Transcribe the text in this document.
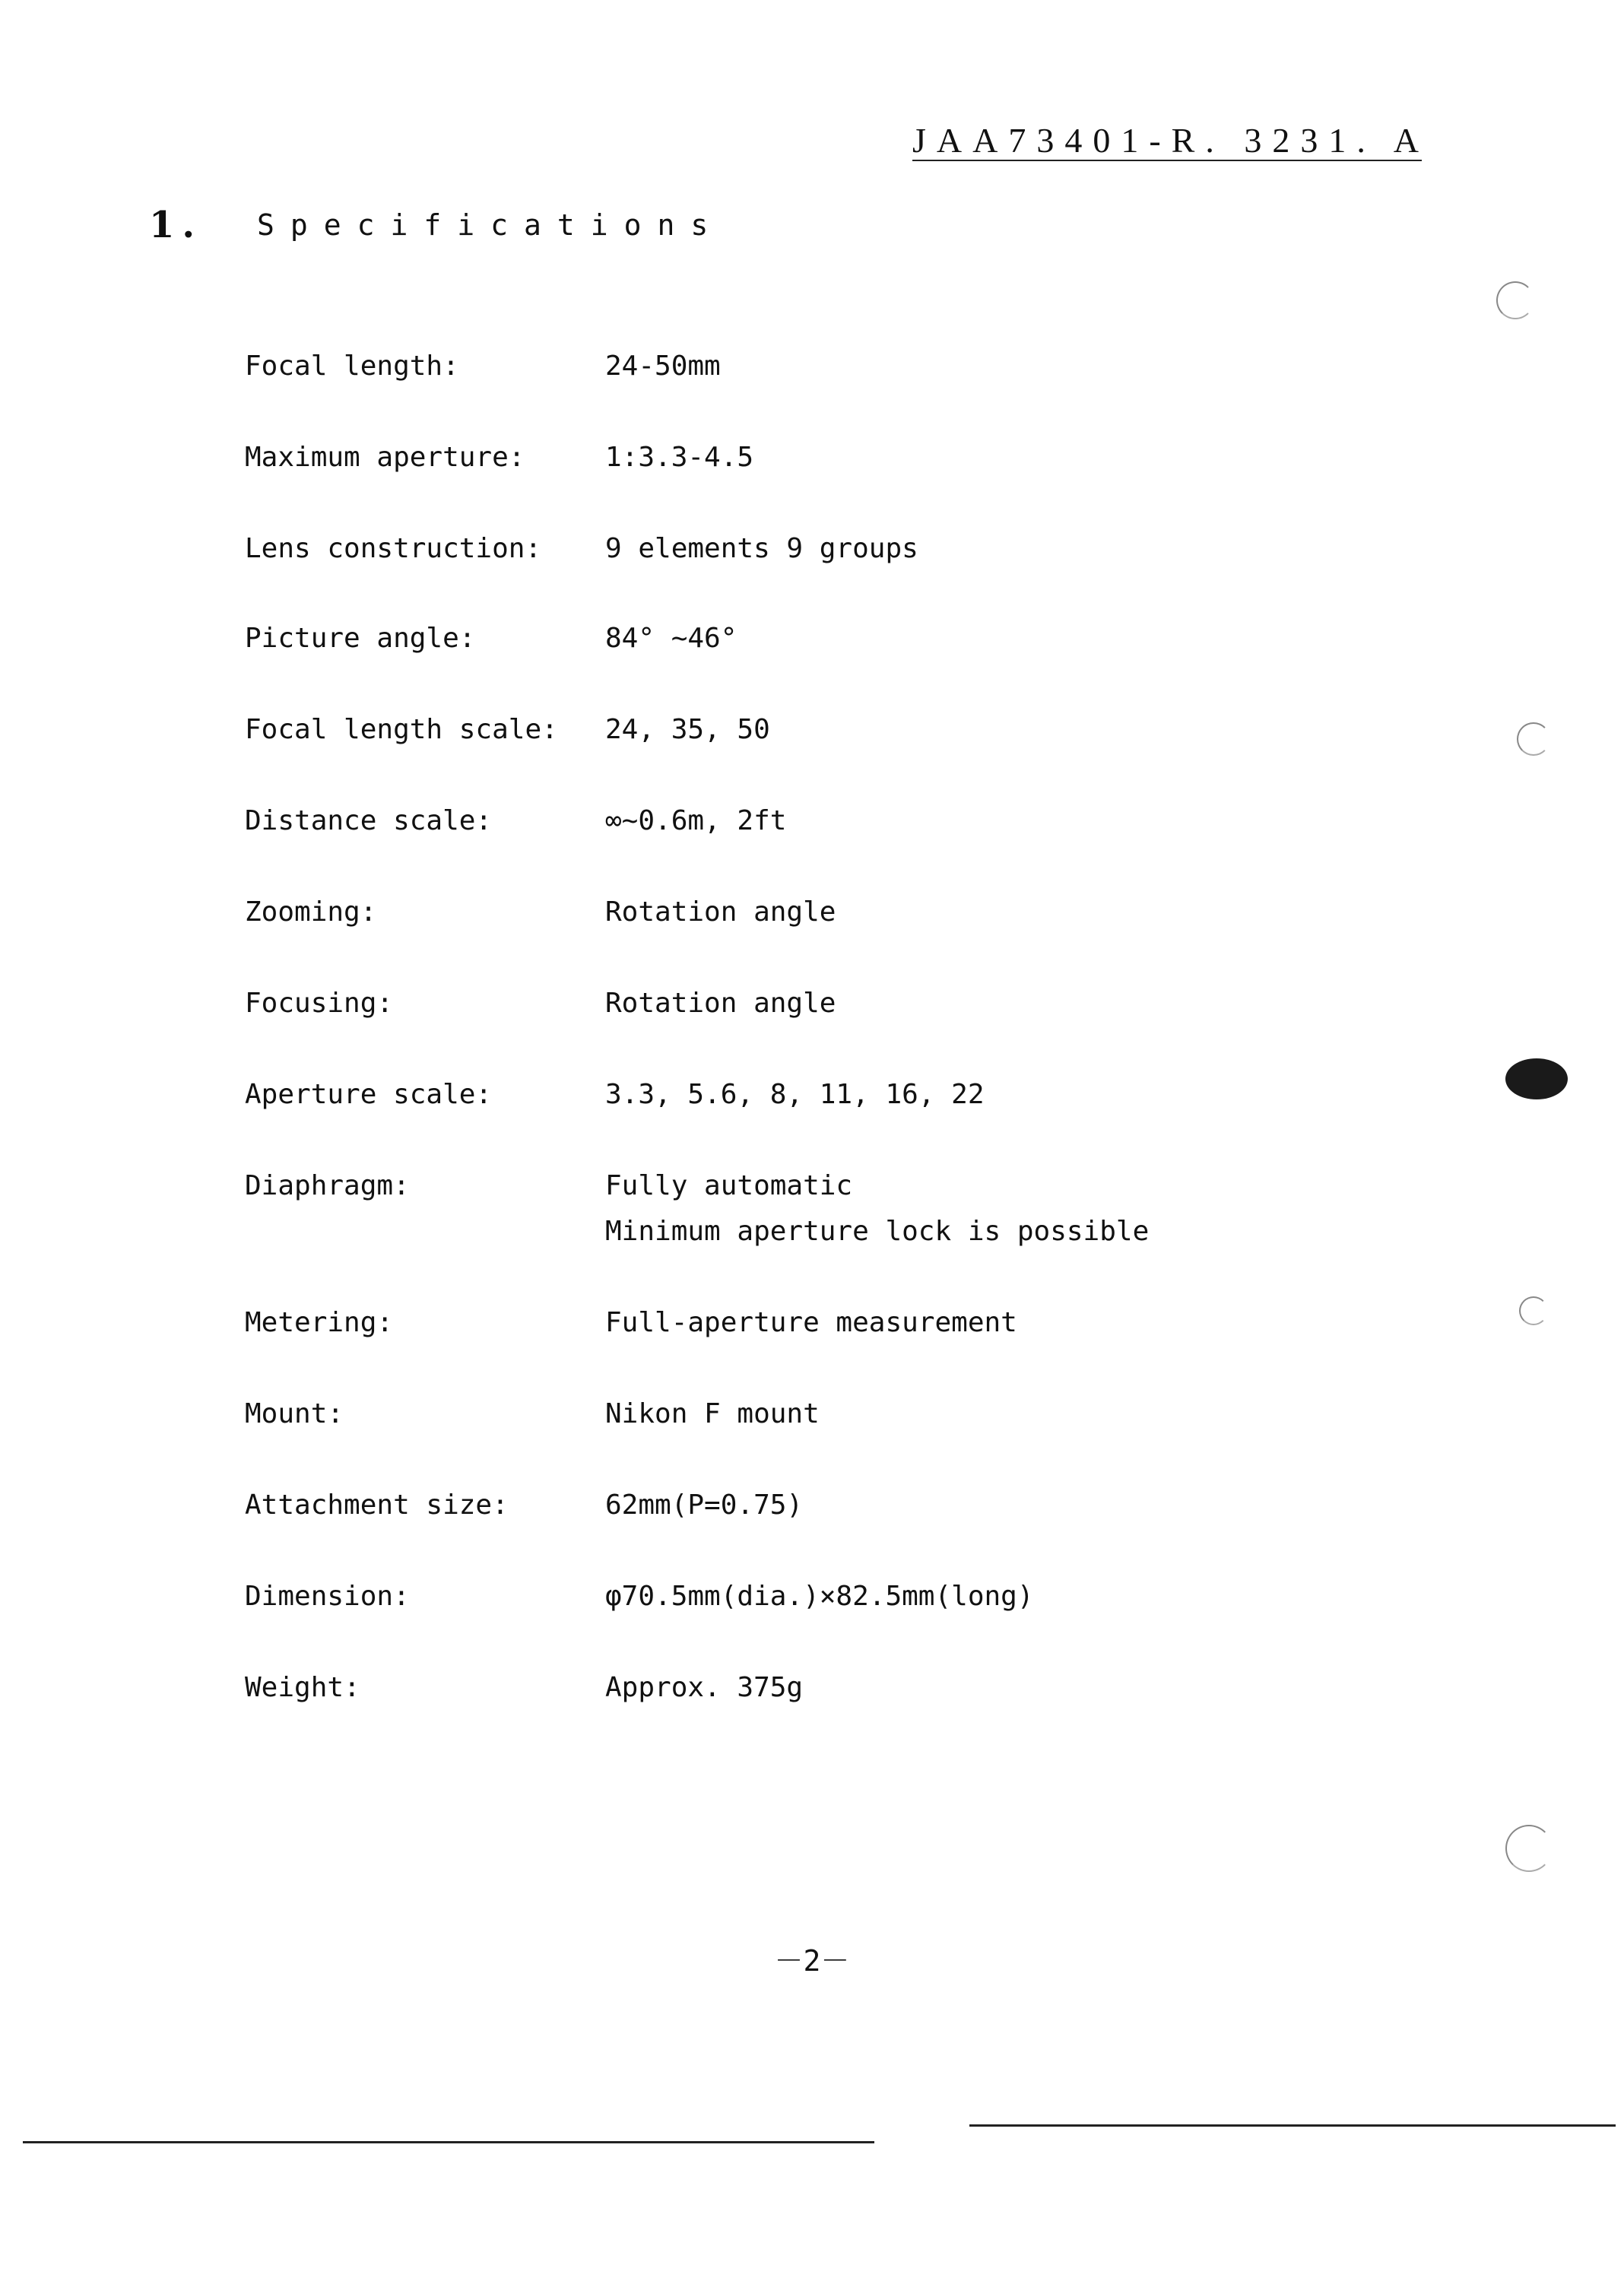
JAA73401-R. 3231. A
1. Specifications
Focal length:	24-50mm
Maximum aperture:	1:3.3-4.5
Lens construction: 9 elements 9 groups
Picture angle:	84° ~46°
Focal length scale: 24, 35, 50
Distance scale:	∞~0.6m, 2ft
Zooming:	Rotation angle
Focusing:	Rotation angle
Aperture scale:	3.3, 5.6, 8, 11, 16, 22
Diaphragm:	Fully automatic
Minimum aperture lock is possible
Metering:	Full-aperture measurement
Mount:	Nikon F mount
Attachment size:	62mm(P=0.75)
Dimension:	φ70.5mm(dia.)×82.5mm(long)
Weight:	Approx. 375g
－2－
